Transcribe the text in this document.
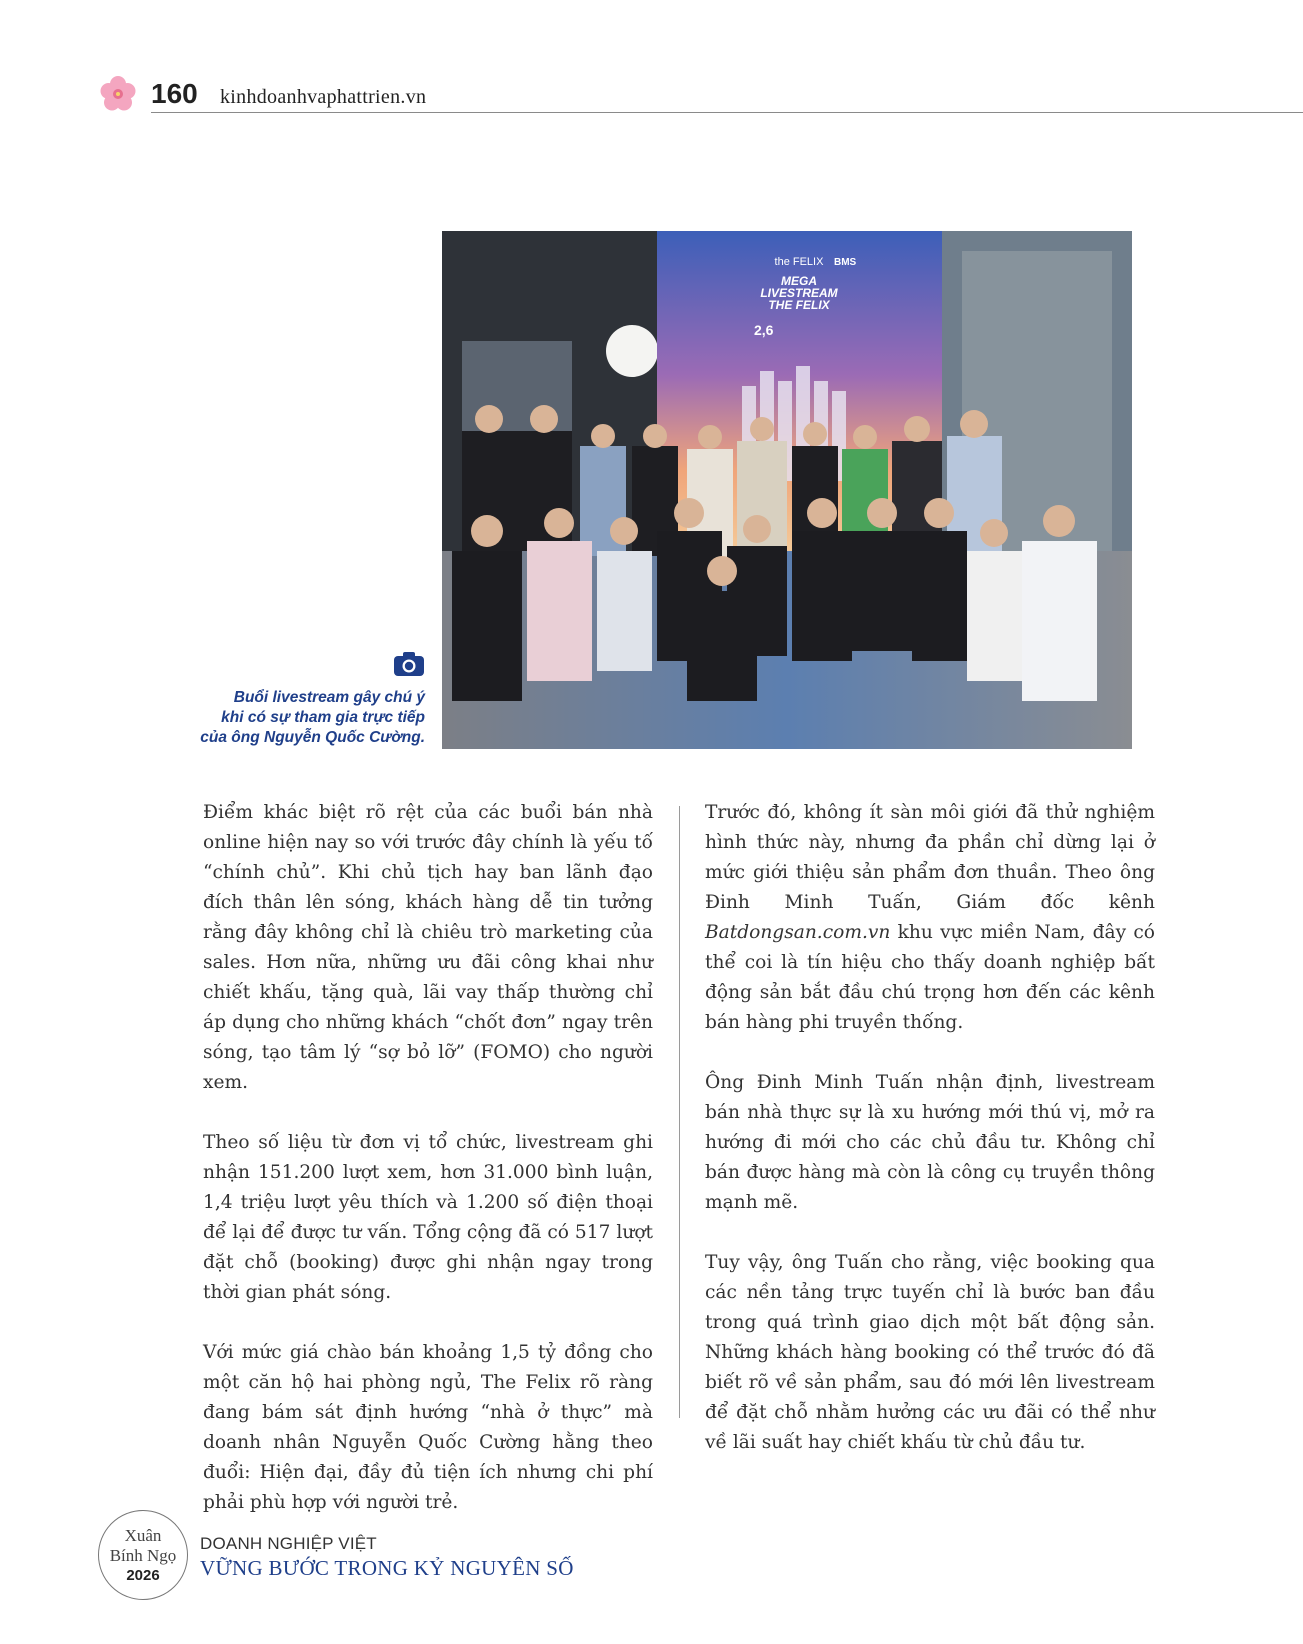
160 kinhdoanhvaphattrien.vn
the FELIX BMS
MEGA
LIVESTREAM
THE FELIX
2,6
Buổi livestream gây chú ý
khi có sự tham gia trực tiếp
của ông Nguyễn Quốc Cường.

Điểm khác biệt rõ rệt của các buổi bán nhà online hiện nay so với trước đây chính là yếu tố “chính chủ”. Khi chủ tịch hay ban lãnh đạo đích thân lên sóng, khách hàng dễ tin tưởng rằng đây không chỉ là chiêu trò marketing của sales. Hơn nữa, những ưu đãi công khai như chiết khấu, tặng quà, lãi vay thấp thường chỉ áp dụng cho những khách “chốt đơn” ngay trên sóng, tạo tâm lý “sợ bỏ lỡ” (FOMO) cho người xem.

Theo số liệu từ đơn vị tổ chức, livestream ghi nhận 151.200 lượt xem, hơn 31.000 bình luận, 1,4 triệu lượt yêu thích và 1.200 số điện thoại để lại để được tư vấn. Tổng cộng đã có 517 lượt đặt chỗ (booking) được ghi nhận ngay trong thời gian phát sóng.

Với mức giá chào bán khoảng 1,5 tỷ đồng cho một căn hộ hai phòng ngủ, The Felix rõ ràng đang bám sát định hướng “nhà ở thực” mà doanh nhân Nguyễn Quốc Cường hằng theo đuổi: Hiện đại, đầy đủ tiện ích nhưng chi phí phải phù hợp với người trẻ.

Trước đó, không ít sàn môi giới đã thử nghiệm hình thức này, nhưng đa phần chỉ dừng lại ở mức giới thiệu sản phẩm đơn thuần. Theo ông Đinh Minh Tuấn, Giám đốc kênh Batdongsan.com.vn khu vực miền Nam, đây có thể coi là tín hiệu cho thấy doanh nghiệp bất động sản bắt đầu chú trọng hơn đến các kênh bán hàng phi truyền thống.

Ông Đinh Minh Tuấn nhận định, livestream bán nhà thực sự là xu hướng mới thú vị, mở ra hướng đi mới cho các chủ đầu tư. Không chỉ bán được hàng mà còn là công cụ truyền thông mạnh mẽ.

Tuy vậy, ông Tuấn cho rằng, việc booking qua các nền tảng trực tuyến chỉ là bước ban đầu trong quá trình giao dịch một bất động sản. Những khách hàng booking có thể trước đó đã biết rõ về sản phẩm, sau đó mới lên livestream để đặt chỗ nhằm hưởng các ưu đãi có thể như về lãi suất hay chiết khấu từ chủ đầu tư.

Xuân
Bính Ngọ
2026
DOANH NGHIỆP VIỆT
VỮNG BƯỚC TRONG KỶ NGUYÊN SỐ
